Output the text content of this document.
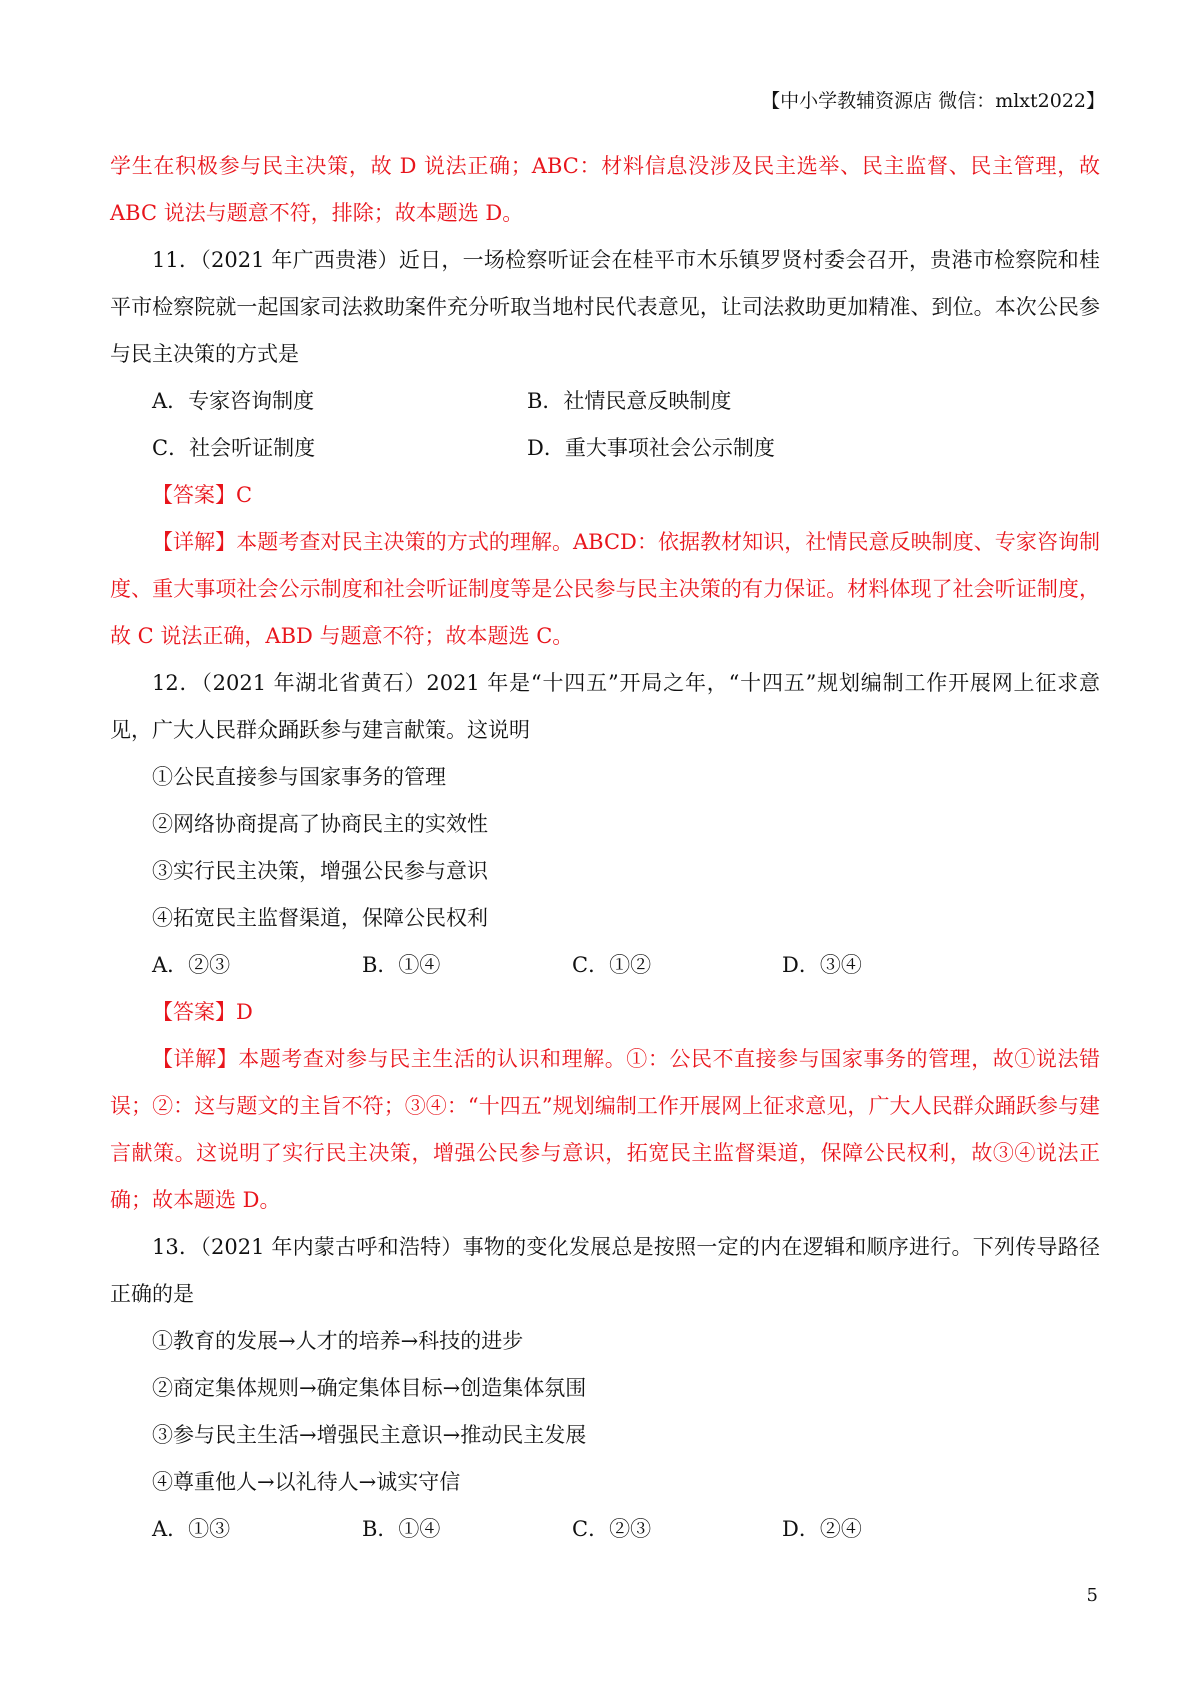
【中小学教辅资源店 微信：mlxt2022】

学生在积极参与民主决策，故 D 说法正确；ABC：材料信息没涉及民主选举、民主监督、民主管理，故 ABC 说法与题意不符，排除；故本题选 D。

11．（2021 年广西贵港）近日，一场检察听证会在桂平市木乐镇罗贤村委会召开，贵港市检察院和桂平市检察院就一起国家司法救助案件充分听取当地村民代表意见，让司法救助更加精准、到位。本次公民参与民主决策的方式是

A．专家咨询制度	B．社情民意反映制度
C．社会听证制度	D．重大事项社会公示制度

【答案】C

【详解】本题考查对民主决策的方式的理解。ABCD：依据教材知识，社情民意反映制度、专家咨询制度、重大事项社会公示制度和社会听证制度等是公民参与民主决策的有力保证。材料体现了社会听证制度，故 C 说法正确，ABD 与题意不符；故本题选 C。

12．（2021 年湖北省黄石）2021 年是“十四五”开局之年，“十四五”规划编制工作开展网上征求意见，广大人民群众踊跃参与建言献策。这说明

①公民直接参与国家事务的管理

②网络协商提高了协商民主的实效性

③实行民主决策，增强公民参与意识

④拓宽民主监督渠道，保障公民权利

A．②③	B．①④	C．①②	D．③④

【答案】D

【详解】本题考查对参与民主生活的认识和理解。①：公民不直接参与国家事务的管理，故①说法错误；②：这与题文的主旨不符；③④：“十四五”规划编制工作开展网上征求意见，广大人民群众踊跃参与建言献策。这说明了实行民主决策，增强公民参与意识，拓宽民主监督渠道，保障公民权利，故③④说法正确；故本题选 D。

13．（2021 年内蒙古呼和浩特）事物的变化发展总是按照一定的内在逻辑和顺序进行。下列传导路径正确的是

①教育的发展→人才的培养→科技的进步

②商定集体规则→确定集体目标→创造集体氛围

③参与民主生活→增强民主意识→推动民主发展

④尊重他人→以礼待人→诚实守信

A．①③	B．①④	C．②③	D．②④
5
